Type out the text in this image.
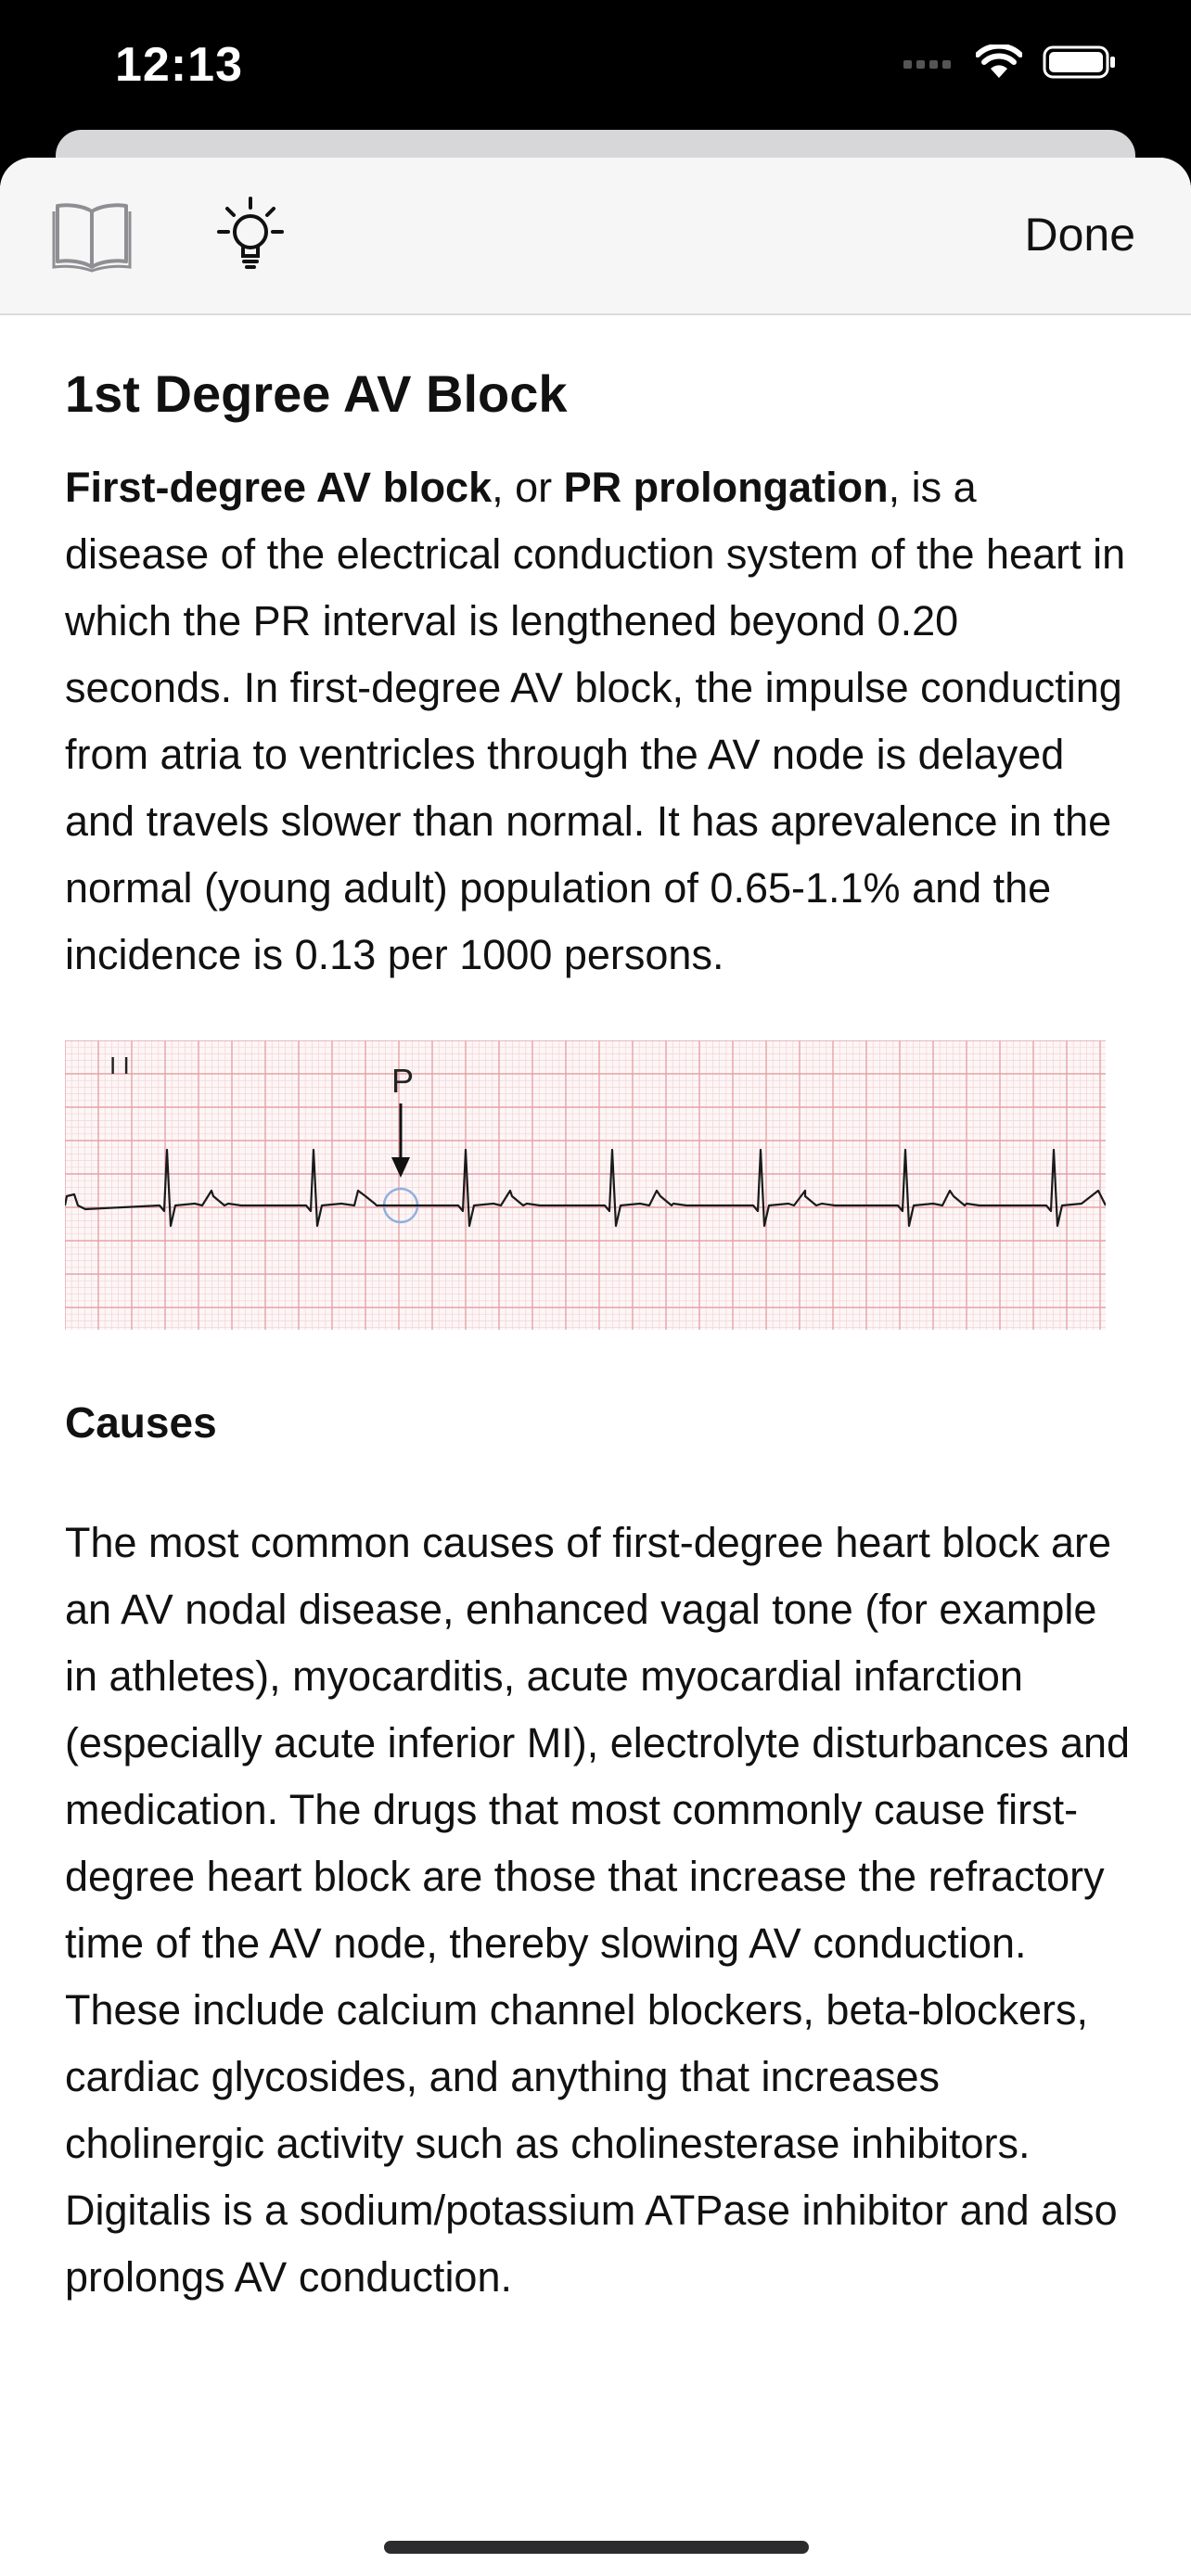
12:13
Done
1st Degree AV Block

First-degree AV block, or PR prolongation, is a disease of the electrical conduction system of the heart in which the PR interval is lengthened beyond 0.20 seconds. In first-degree AV block, the impulse conducting from atria to ventricles through the AV node is delayed and travels slower than normal. It has aprevalence in the normal (young adult) population of 0.65-1.1% and the incidence is 0.13 per 1000 persons.

I I	P
Causes

The most common causes of first-degree heart block are an AV nodal disease, enhanced vagal tone (for example in athletes), myocarditis, acute myocardial infarction (especially acute inferior MI), electrolyte disturbances and medication. The drugs that most commonly cause first-degree heart block are those that increase the refractory time of the AV node, thereby slowing AV conduction. These include calcium channel blockers, beta-blockers, cardiac glycosides, and anything that increases cholinergic activity such as cholinesterase inhibitors. Digitalis is a sodium/potassium ATPase inhibitor and also prolongs AV conduction.
